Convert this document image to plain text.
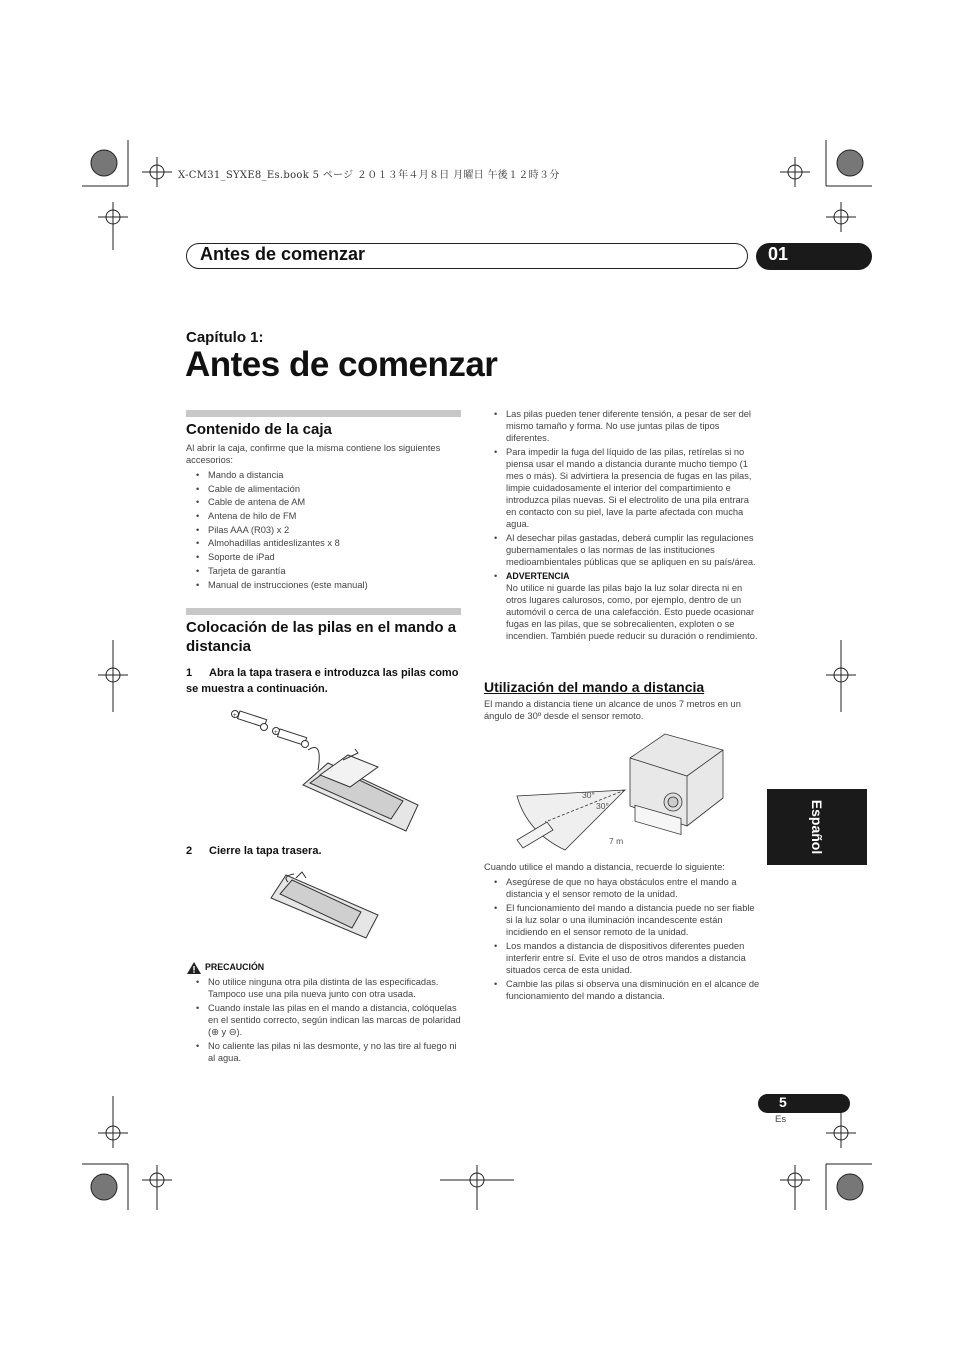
X-CM31_SYXE8_Es.book 5 ページ ２０１３年４月８日 月曜日 午後１２時３分
Antes de comenzar	01
Capítulo 1:
Antes de comenzar
Contenido de la caja
Al abrir la caja, confirme que la misma contiene los siguientes accesorios:
• Mando a distancia
• Cable de alimentación
• Cable de antena de AM
• Antena de hilo de FM
• Pilas AAA (R03) x 2
• Almohadillas antideslizantes x 8
• Soporte de iPad
• Tarjeta de garantía
• Manual de instrucciones (este manual)
Colocación de las pilas en el mando a distancia
1 Abra la tapa trasera e introduzca las pilas como se muestra a continuación.
+
+
2 Cierre la tapa trasera.
PRECAUCIÓN
• No utilice ninguna otra pila distinta de las especificadas. Tampoco use una pila nueva junto con otra usada.
• Cuando instale las pilas en el mando a distancia, colóquelas en el sentido correcto, según indican las marcas de polaridad (⊕ y ⊖).
• No caliente las pilas ni las desmonte, y no las tire al fuego ni al agua.
• Las pilas pueden tener diferente tensión, a pesar de ser del mismo tamaño y forma. No use juntas pilas de tipos diferentes.
• Para impedir la fuga del líquido de las pilas, retírelas si no piensa usar el mando a distancia durante mucho tiempo (1 mes o más). Si advirtiera la presencia de fugas en las pilas, limpie cuidadosamente el interior del compartimiento e introduzca pilas nuevas. Si el electrolito de una pila entrara en contacto con su piel, lave la parte afectada con mucha agua.
• Al desechar pilas gastadas, deberá cumplir las regulaciones gubernamentales o las normas de las instituciones medioambientales públicas que se apliquen en su país/área.
• ADVERTENCIA
No utilice ni guarde las pilas bajo la luz solar directa ni en otros lugares calurosos, como, por ejemplo, dentro de un automóvil o cerca de una calefacción. Esto puede ocasionar fugas en las pilas, que se sobrecalienten, exploten o se incendien. También puede reducir su duración o rendimiento.
Utilización del mando a distancia
El mando a distancia tiene un alcance de unos 7 metros en un ángulo de 30º desde el sensor remoto.
30°
30°
7 m
Cuando utilice el mando a distancia, recuerde lo siguiente:
• Asegúrese de que no haya obstáculos entre el mando a distancia y el sensor remoto de la unidad.
• El funcionamiento del mando a distancia puede no ser fiable si la luz solar o una iluminación incandescente están incidiendo en el sensor remoto de la unidad.
• Los mandos a distancia de dispositivos diferentes pueden interferir entre sí. Evite el uso de otros mandos a distancia situados cerca de esta unidad.
• Cambie las pilas si observa una disminución en el alcance de funcionamiento del mando a distancia.
Español
5
Es
